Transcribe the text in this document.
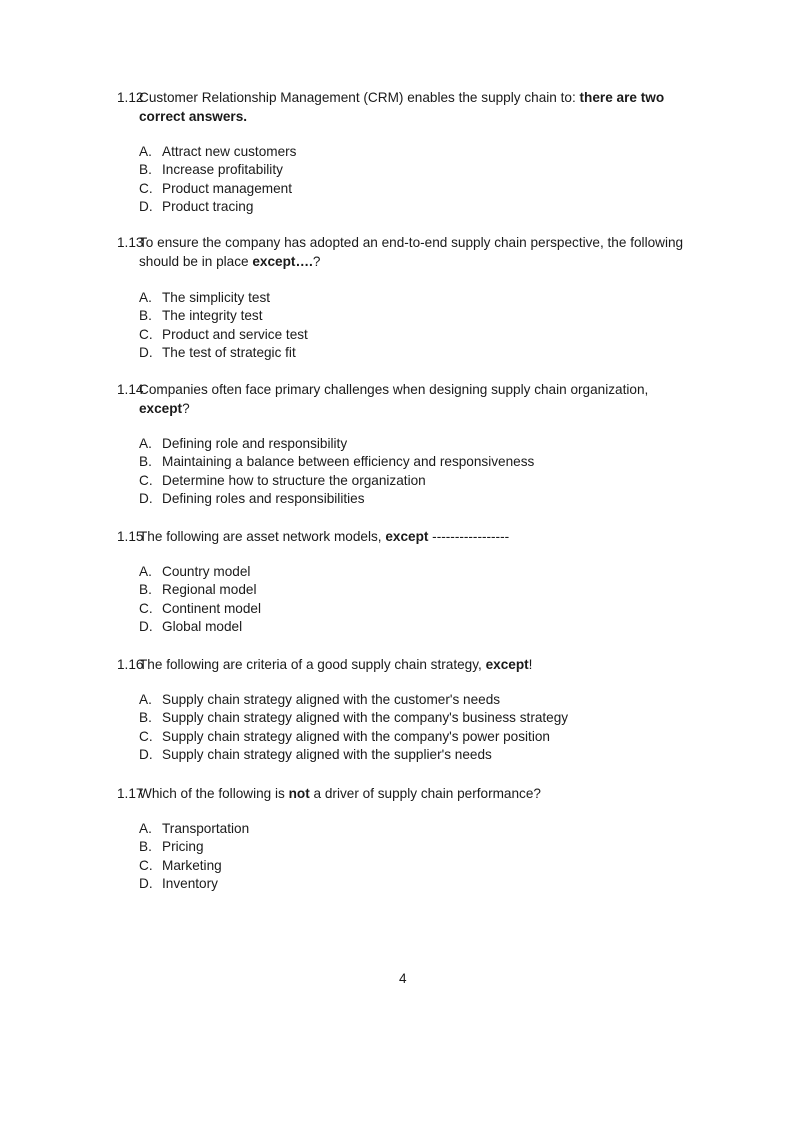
1.12
Customer Relationship Management (CRM) enables the supply chain to: there are two correct answers.
A. Attract new customers
B. Increase profitability
C. Product management
D. Product tracing
1.13
To ensure the company has adopted an end-to-end supply chain perspective, the following should be in place except….?
A. The simplicity test
B. The integrity test
C. Product and service test
D. The test of strategic fit
1.14
Companies often face primary challenges when designing supply chain organization, except?
A. Defining role and responsibility
B. Maintaining a balance between efficiency and responsiveness
C. Determine how to structure the organization
D. Defining roles and responsibilities
1.15
The following are asset network models, except -----------------
A. Country model
B. Regional model
C. Continent model
D. Global model
1.16
The following are criteria of a good supply chain strategy, except!
A. Supply chain strategy aligned with the customer's needs
B. Supply chain strategy aligned with the company's business strategy
C. Supply chain strategy aligned with the company's power position
D. Supply chain strategy aligned with the supplier's needs
1.17
Which of the following is not a driver of supply chain performance?
A. Transportation
B. Pricing
C. Marketing
D. Inventory
4
